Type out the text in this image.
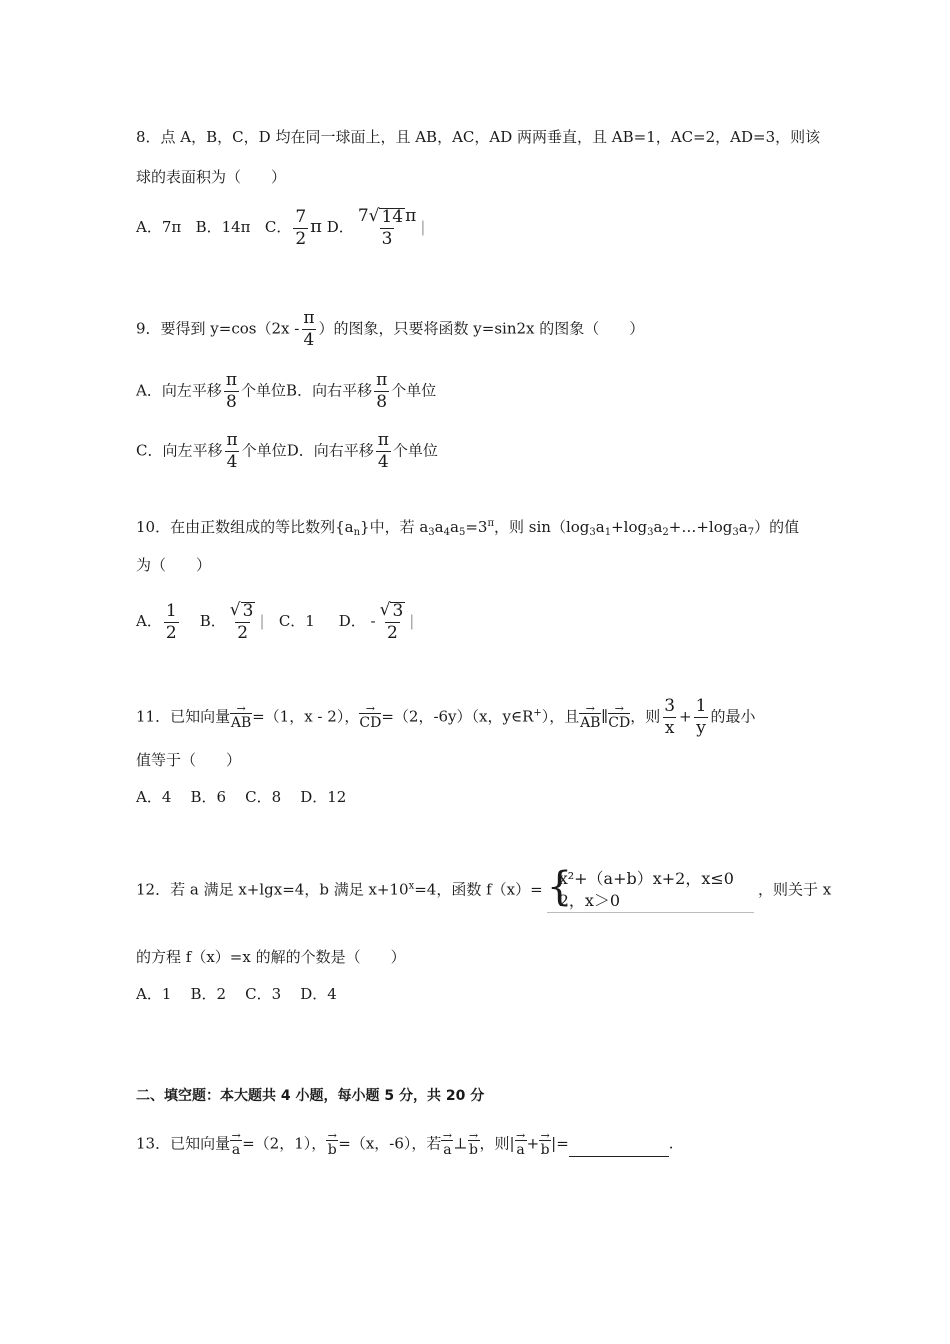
8．点 A，B，C，D 均在同一球面上，且 AB，AC，AD 两两垂直，且 AB=1，AC=2，AD=3，则该
球的表面积为（　　）
A．7π B．14π C． $\frac{7}{2}$ π D． $\frac{7 √ 14 \pi}{3}$ |
9．要得到 $y=\cos(2x - \frac{\pi}{4}$ ）的图象，只要将函数 y=sin2x 的图象（　　）
A．向左平移 $\frac{\pi}{8}$ 个单位B．向右平移 $\frac{\pi}{8}$ 个单位
C．向左平移 $\frac{\pi}{4}$ 个单位D．向右平移 $\frac{\pi}{4}$ 个单位
10．在由正数组成的等比数列$\{a_n\}$中，若 $a_3a_4a_5=3^\pi$，则 $\sin(\log_3a_1+\log_3a_2+\dots+\log_3a_7)$的值
为（　　）
A． $\frac{1}{2}$ B． $\frac{√ 3}{2}$ | C．1 D． - $\frac{√ 3}{2}$ |
11．已知向量 →
AB =（1，x - 2）， →
CD =（2，-6y）（x，y∈R+），且 →
AB ∥ →
CD ，则 $\frac{3}{x} + \frac{1}{y}$ 的最小
值等于（　　）
A．4 B．6 C．8 D．12
12．若 a 满足 x+lgx=4，b 满足 $x+10^x=4$，函数 f（x）= {
x²+（a+b）x+2，x≤0
2，x＞0
，则关于 x
的方程 f（x）=x 的解的个数是（　　）
A．1 B．2 C．3 D．4
二、填空题：本大题共 4 小题，每小题 5 分，共 20 分
13．已知向量 →
a =（2，1）， →
b =（x，-6），若 →
a ⊥ →
b ，则| →
a + →
b |=	.
